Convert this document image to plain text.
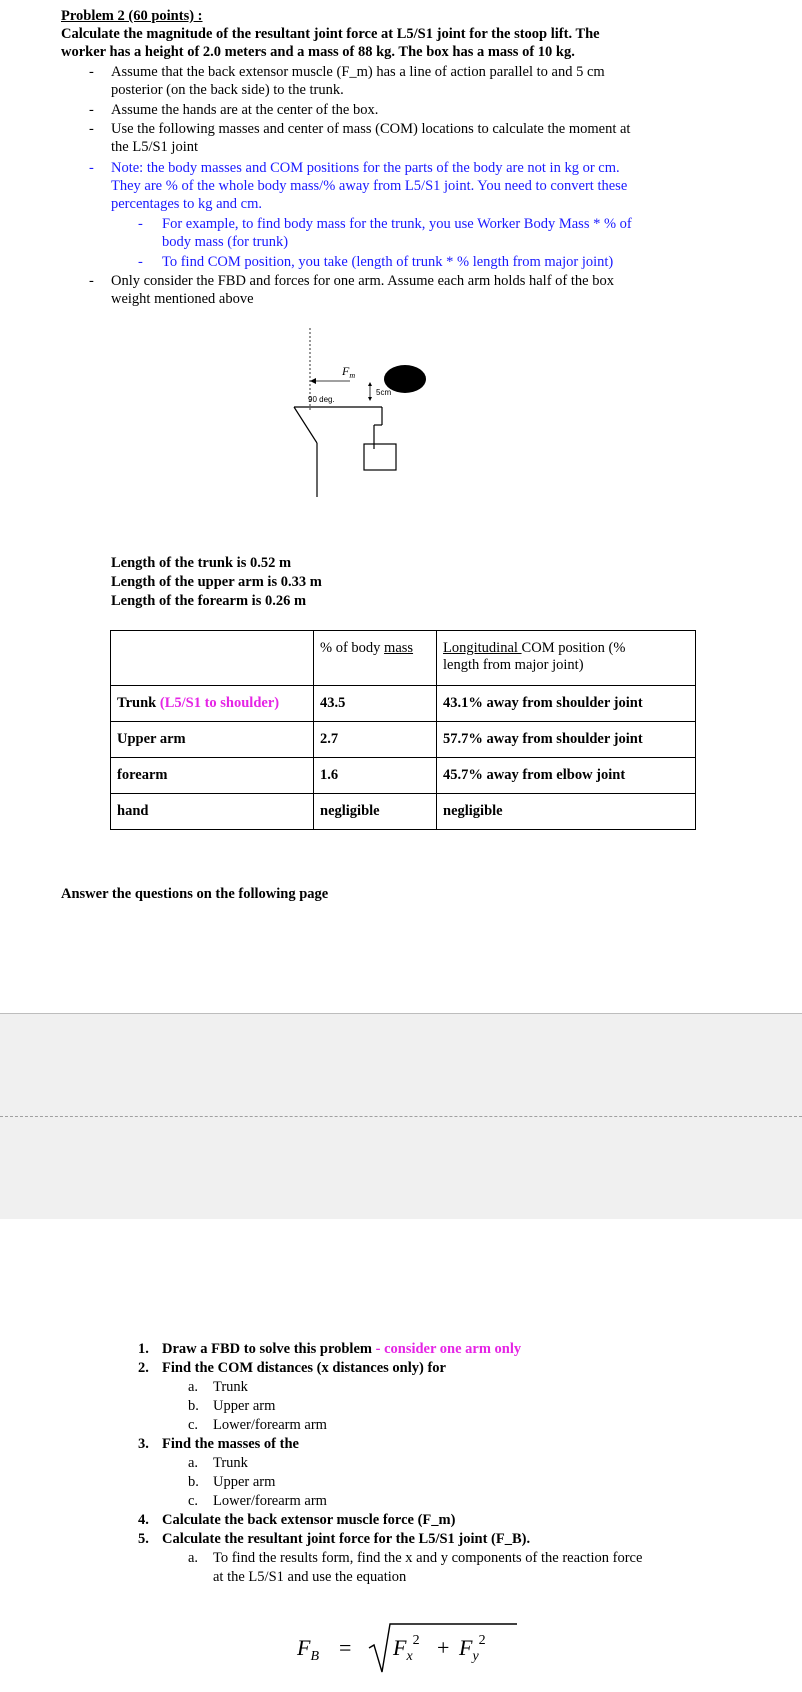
Problem 2 (60 points) :
Calculate the magnitude of the resultant joint force at L5/S1 joint for the stoop lift. The
worker has a height of 2.0 meters and a mass of 88 kg. The box has a mass of 10 kg.
- Assume that the back extensor muscle (F_m) has a line of action parallel to and 5 cm
posterior (on the back side) to the trunk.
- Assume the hands are at the center of the box.
- Use the following masses and center of mass (COM) locations to calculate the moment at
the L5/S1 joint
- Note: the body masses and COM positions for the parts of the body are not in kg or cm.
They are % of the whole body mass/% away from L5/S1 joint. You need to convert these
percentages to kg and cm.
- For example, to find body mass for the trunk, you use Worker Body Mass * % of
body mass (for trunk)
- To find COM position, you take (length of trunk * % length from major joint)
- Only consider the FBD and forces for one arm. Assume each arm holds half of the box
weight mentioned above
$F_m$
90 deg.
5cm
Length of the trunk is 0.52 m
Length of the upper arm is 0.33 m
Length of the forearm is 0.26 m
	% of body mass	Longitudinal COM position (%
length from major joint)
Trunk (L5/S1 to shoulder)	43.5	43.1% away from shoulder joint
Upper arm	2.7	57.7% away from shoulder joint
forearm	1.6	45.7% away from elbow joint
hand	negligible	negligible
Answer the questions on the following page
1. Draw a FBD to solve this problem - consider one arm only
2. Find the COM distances (x distances only) for
a. Trunk
b. Upper arm
c. Lower/forearm arm
3. Find the masses of the
a. Trunk
b. Upper arm
c. Lower/forearm arm
4. Calculate the back extensor muscle force (F_m)
5. Calculate the resultant joint force for the L5/S1 joint (F_B).
a. To find the results form, find the x and y components of the reaction force
at the L5/S1 and use the equation
$F_B = F_x^2 + F_y^2$
